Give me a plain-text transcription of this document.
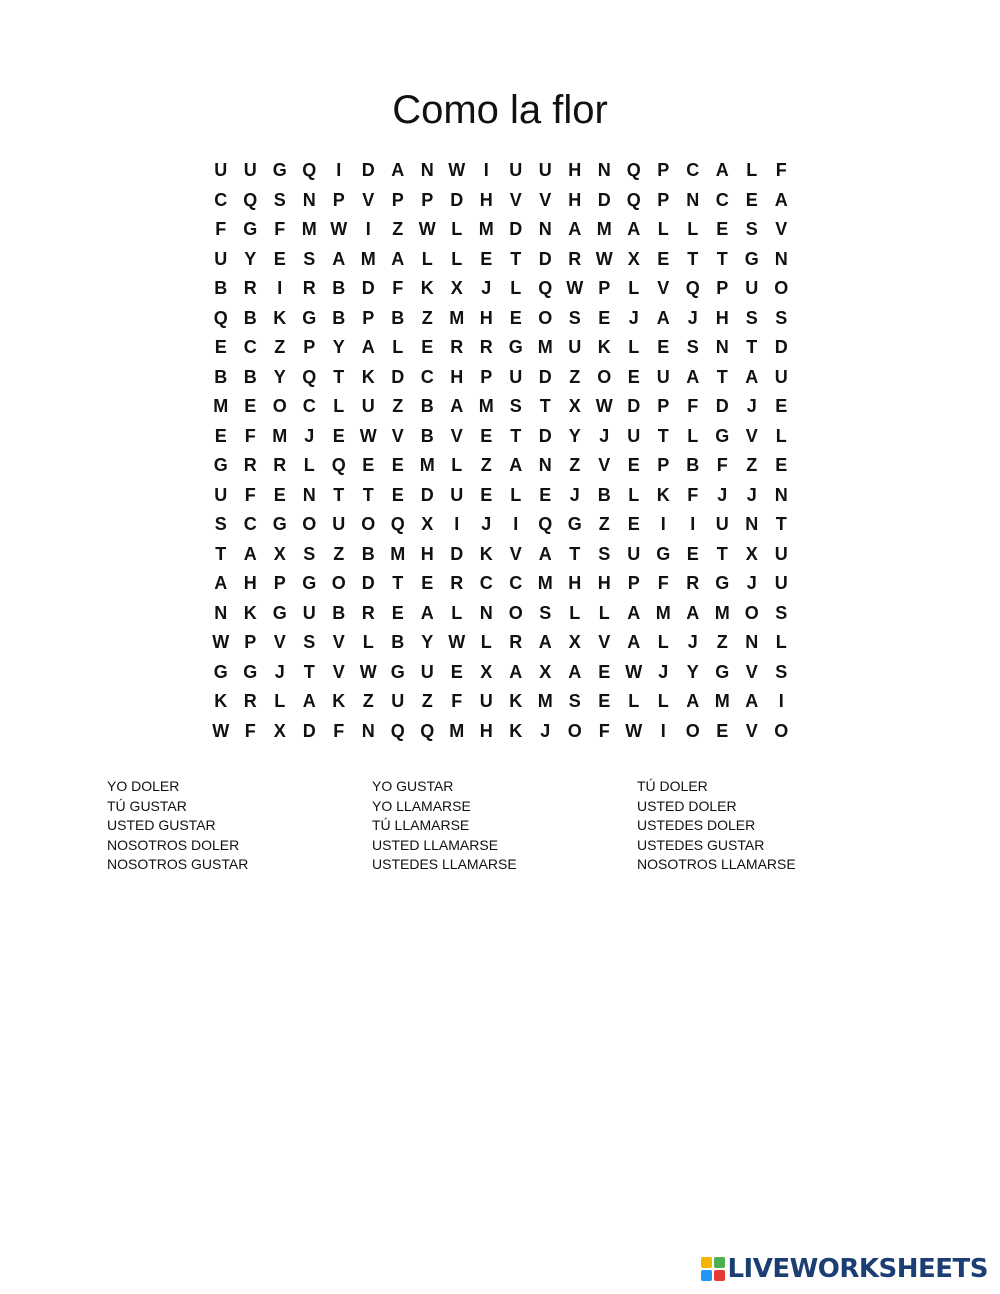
Como la flor
U U G Q	I	D A N W	I	U U H N Q P C A L	F
C Q S N P V P P D H V V H D Q P N C E A
F G F M W	I	Z W L M D N A M A L	L E S V
U Y E S A M A L	L E	T D R W X E	T	T G N
B R	I	R B D F K X	J	L Q W P	L V Q P U O
Q B K G B P B Z M H E O S E	J	A J	H S S
E C Z P Y A L E R R G M U K L E S N T D
B B Y Q T K D C H P U D Z O E U A T A U
M E O C L U Z B A M S	T X W D P	F D J	E
E	F M J	E W V B V E	T D Y	J	U T	L G V	L
G R R L Q E E M L	Z A N Z V E P B F	Z E
U F E N T	T E D U E	L E	J	B L K F	J	J	N
S C G O U O Q X	I	J	I	Q G Z E	I	I	U N T
T A X S	Z B M H D K V A T S U G E	T X U
A H P G O D T E R C C M H H P	F R G J	U
N K G U B R E A L N O S	L	L A M A M O S
W P V S V	L B Y W L R A X V A L	J	Z N L
G G J	T V W G U E X A X A E W J	Y G V S
K R L A K Z U Z	F U K M S E	L	L A M A	I
W F X D F N Q Q M H K J O F W	I	O E V O
YO DOLER
TÚ GUSTAR
USTED GUSTAR
NOSOTROS DOLER
NOSOTROS GUSTAR
YO GUSTAR
YO LLAMARSE
TÚ LLAMARSE
USTED LLAMARSE
USTEDES LLAMARSE
TÚ DOLER
USTED DOLER
USTEDES DOLER
USTEDES GUSTAR
NOSOTROS LLAMARSE
LIVEWORKSHEETS
